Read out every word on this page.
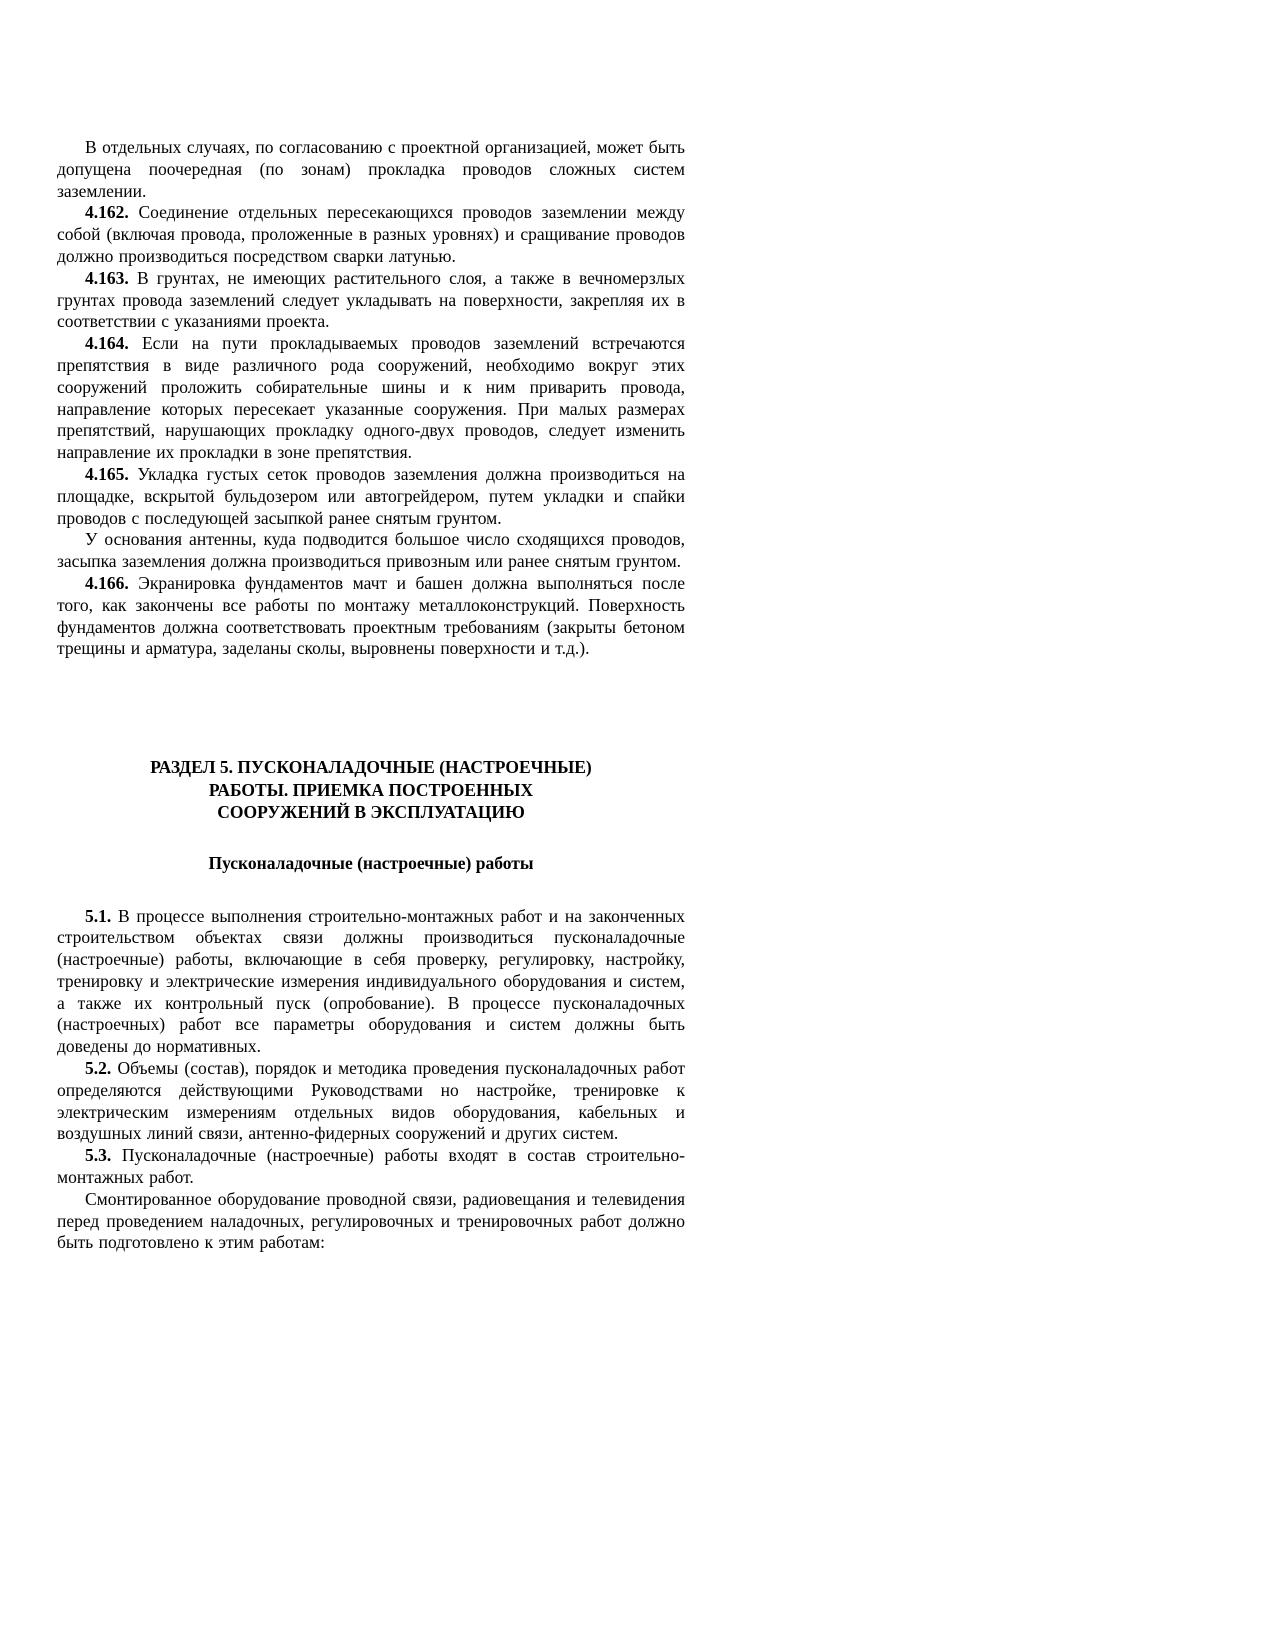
В отдельных случаях, по согласованию с проектной организацией, может быть допущена поочередная (по зонам) прокладка проводов сложных систем заземлении.

4.162. Соединение отдельных пересекающихся проводов заземлении между собой (включая провода, проложенные в разных уровнях) и сращивание проводов должно производиться посредством сварки латунью.

4.163. В грунтах, не имеющих растительного слоя, а также в вечномерзлых грунтах провода заземлений следует укладывать на поверхности, закрепляя их в соответствии с указаниями проекта.

4.164. Если на пути прокладываемых проводов заземлений встречаются препятствия в виде различного рода сооружений, необходимо вокруг этих сооружений проложить собирательные шины и к ним приварить провода, направление которых пересекает указанные сооружения. При малых размерах препятствий, нарушающих прокладку одного-двух проводов, следует изменить направление их прокладки в зоне препятствия.

4.165. Укладка густых сеток проводов заземления должна производиться на площадке, вскрытой бульдозером или автогрейдером, путем укладки и спайки проводов с последующей засыпкой ранее снятым грунтом.

У основания антенны, куда подводится большое число сходящихся проводов, засыпка заземления должна производиться привозным или ранее снятым грунтом.

4.166. Экранировка фундаментов мачт и башен должна выполняться после того, как закончены все работы по монтажу металлоконструкций. Поверхность фундаментов должна соответствовать проектным требованиям (закрыты бетоном трещины и арматура, заделаны сколы, выровнены поверхности и т.д.).

РАЗДЕЛ 5. ПУСКОНАЛАДОЧНЫЕ (НАСТРОЕЧНЫЕ)
РАБОТЫ. ПРИЕМКА ПОСТРОЕННЫХ
СООРУЖЕНИЙ В ЭКСПЛУАТАЦИЮ
Пусконаладочные (настроечные) работы

5.1. В процессе выполнения строительно-монтажных работ и на законченных строительством объектах связи должны производиться пусконаладочные (настроечные) работы, включающие в себя проверку, регулировку, настройку, тренировку и электрические измерения индивидуального оборудования и систем, а также их контрольный пуск (опробование). В процессе пусконаладочных (настроечных) работ все параметры оборудования и систем должны быть доведены до нормативных.

5.2. Объемы (состав), порядок и методика проведения пусконаладочных работ определяются действующими Руководствами но настройке, тренировке к электрическим измерениям отдельных видов оборудования, кабельных и воздушных линий связи, антенно-фидерных сооружений и других систем.

5.3. Пусконаладочные (настроечные) работы входят в состав строительно-монтажных работ.

Смонтированное оборудование проводной связи, радиовещания и телевидения перед проведением наладочных, регулировочных и тренировочных работ должно быть подготовлено к этим работам:
